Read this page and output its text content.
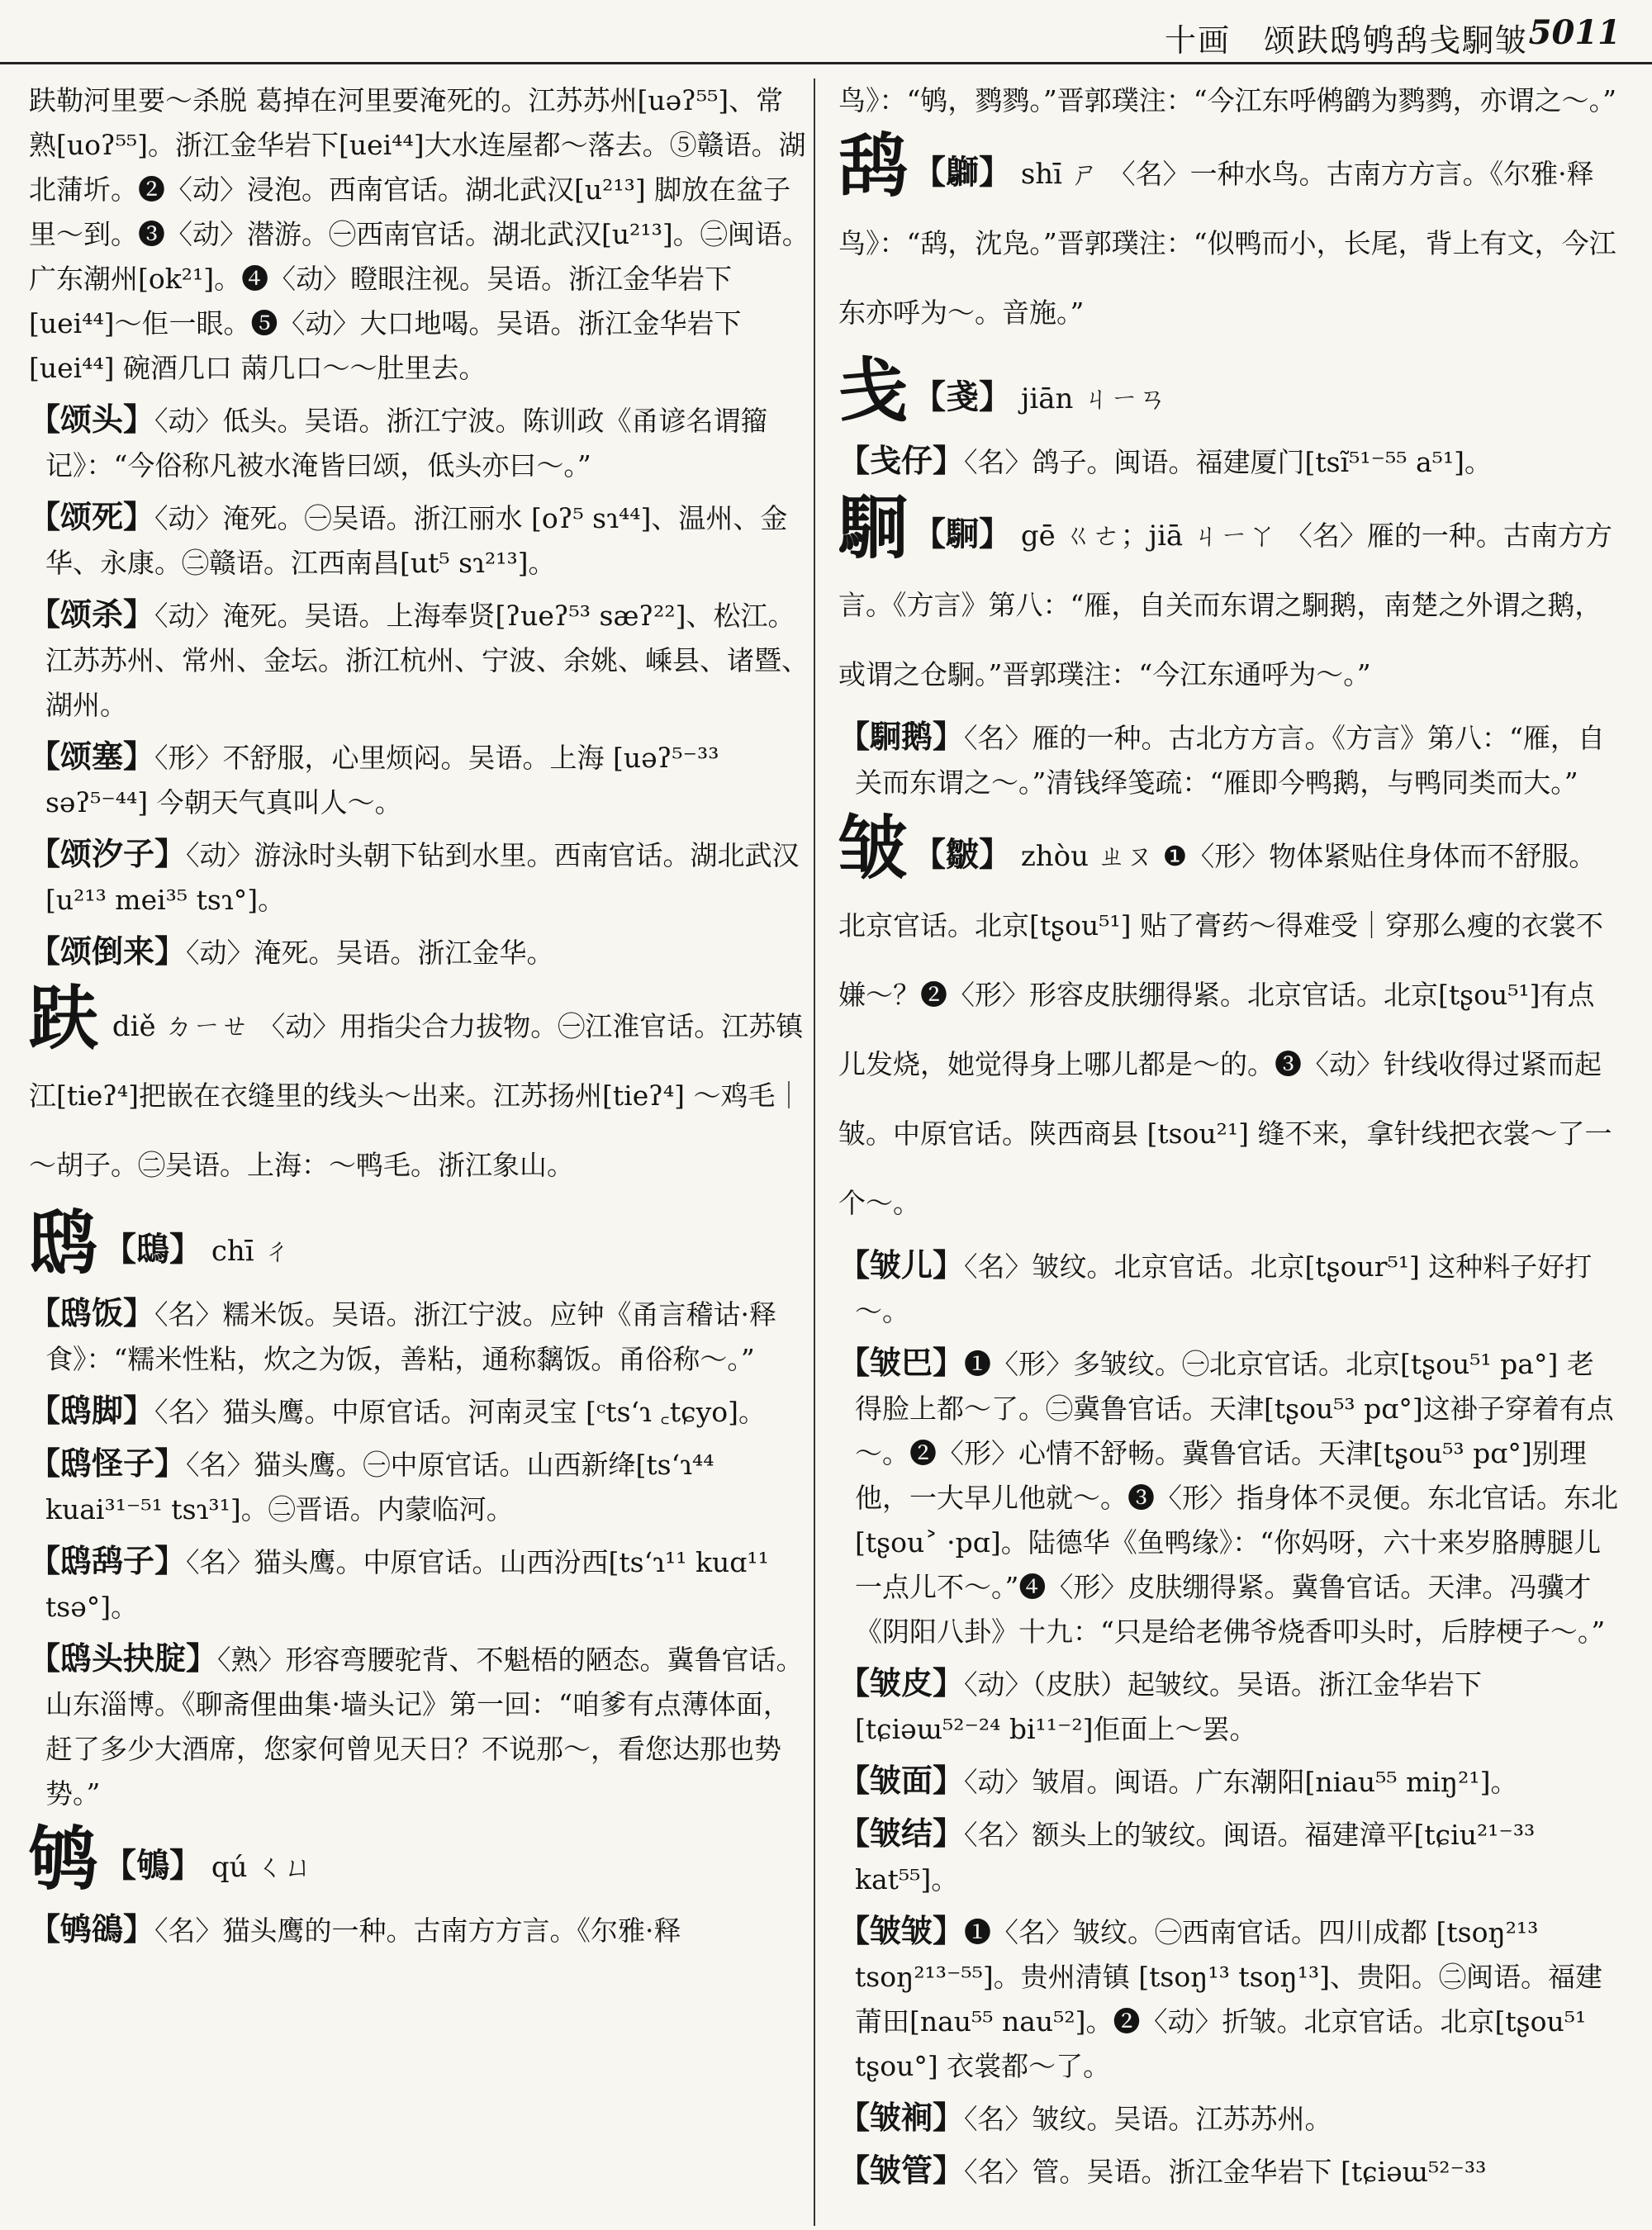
十画　颂趺鸱鸲鸹戋駉皱 5011

趺勒河里要～杀脱 葛掉在河里要淹死的。江苏苏州[uəʔ⁵⁵]、常熟[uoʔ⁵⁵]。浙江金华岩下[uei⁴⁴]大水连屋都～落去。⑤赣语。湖北蒲圻。❷〈动〉浸泡。西南官话。湖北武汉[u²¹³] 脚放在盆子里～到。❸〈动〉潜游。㊀西南官话。湖北武汉[u²¹³]。㊁闽语。广东潮州[ok²¹]。❹〈动〉瞪眼注视。吴语。浙江金华岩下 [uei⁴⁴]～佢一眼。❺〈动〉大口地喝。吴语。浙江金华岩下 [uei⁴⁴] 碗酒几口 䓣几口～～肚里去。

【颂头】〈动〉低头。吴语。浙江宁波。陈训政《甬谚名谓籀记》：“今俗称凡被水淹皆曰颂，低头亦曰～。”

【颂死】〈动〉淹死。㊀吴语。浙江丽水 [oʔ⁵ sɿ⁴⁴]、温州、金华、永康。㊁赣语。江西南昌[ut⁵ sɿ²¹³]。

【颂杀】〈动〉淹死。吴语。上海奉贤[ʔueʔ⁵³ sæʔ²²]、松江。江苏苏州、常州、金坛。浙江杭州、宁波、余姚、嵊县、诸暨、湖州。

【颂塞】〈形〉不舒服，心里烦闷。吴语。上海 [uəʔ⁵⁻³³ səʔ⁵⁻⁴⁴] 今朝天气真叫人～。

【颂汐子】〈动〉游泳时头朝下钻到水里。西南官话。湖北武汉[u²¹³ mei³⁵ tsɿ°]。

【颂倒来】〈动〉淹死。吴语。浙江金华。

趺 diě ㄉㄧㄝ 〈动〉用指尖合力拔物。㊀江淮官话。江苏镇江[tieʔ⁴]把嵌在衣缝里的线头～出来。江苏扬州[tieʔ⁴] ～鸡毛｜～胡子。㊁吴语。上海：～鸭毛。浙江象山。

鸱 【鴟】 chī ㄔ

【鸱饭】〈名〉糯米饭。吴语。浙江宁波。应钟《甬言稽诂·释食》：“糯米性粘，炊之为饭，善粘，通称黐饭。甬俗称～。”

【鸱脚】〈名〉猫头鹰。中原官话。河南灵宝 [ᶜtsʻɿ ꜀tɕyo]。

【鸱怪子】〈名〉猫头鹰。㊀中原官话。山西新绛[tsʻɿ⁴⁴ kuai³¹⁻⁵¹ tsɿ³¹]。㊁晋语。内蒙临河。

【鸱鸹子】〈名〉猫头鹰。中原官话。山西汾西[tsʻɿ¹¹ kuɑ¹¹ tsə°]。

【鸱头抉腚】〈熟〉形容弯腰驼背、不魁梧的陋态。冀鲁官话。山东淄博。《聊斋俚曲集·墙头记》第一回：“咱爹有点薄体面，赶了多少大酒席，您家何曾见天日？不说那～，看您达那也势势。”

鸲 【鴝】 qú ㄑㄩ

【鸲鵒】〈名〉猫头鹰的一种。古南方方言。《尔雅·释

鸟》：“鸲，鹨鹨。”晋郭璞注：“今江东呼鸺鹠为鹨鹨，亦谓之～。”

鸹 【鶳】 shī ㄕ 〈名〉一种水鸟。古南方方言。《尔雅·释鸟》：“鸹，沈凫。”晋郭璞注：“似鸭而小，长尾，背上有文，今江东亦呼为～。音施。”

戋 【戔】 jiān ㄐㄧㄢ

【戋仔】〈名〉鸽子。闽语。福建厦门[tsĩ⁵¹⁻⁵⁵ a⁵¹]。

駉 【駉】 gē ㄍㄜ；jiā ㄐㄧㄚ 〈名〉雁的一种。古南方方言。《方言》第八：“雁，自关而东谓之駉鹅，南楚之外谓之鹅，或谓之仓駉。”晋郭璞注：“今江东通呼为～。”

【駉鹅】〈名〉雁的一种。古北方方言。《方言》第八：“雁，自关而东谓之～。”清钱绎笺疏：“雁即今鸭鹅，与鸭同类而大。”

皱 【皺】 zhòu ㄓㄡ ❶〈形〉物体紧贴住身体而不舒服。北京官话。北京[tʂou⁵¹] 贴了膏药～得难受｜穿那么瘦的衣裳不嫌～？❷〈形〉形容皮肤绷得紧。北京官话。北京[tʂou⁵¹]有点儿发烧，她觉得身上哪儿都是～的。❸〈动〉针线收得过紧而起皱。中原官话。陕西商县 [tsou²¹] 缝不来，拿针线把衣裳～了一个～。

【皱儿】〈名〉皱纹。北京官话。北京[tʂour⁵¹] 这种料子好打～。

【皱巴】❶〈形〉多皱纹。㊀北京官话。北京[tʂou⁵¹ pa°] 老得脸上都～了。㊁冀鲁官话。天津[tʂou⁵³ pɑ°]这褂子穿着有点～。❷〈形〉心情不舒畅。冀鲁官话。天津[tʂou⁵³ pɑ°]别理他，一大早儿他就～。❸〈形〉指身体不灵便。东北官话。东北 [tʂou˃ ·pɑ]。陆德华《鱼鸭缘》：“你妈呀，六十来岁胳膊腿儿一点儿不～。”❹〈形〉皮肤绷得紧。冀鲁官话。天津。冯骥才《阴阳八卦》十九：“只是给老佛爷烧香叩头时，后脖梗子～。”

【皱皮】〈动〉（皮肤）起皱纹。吴语。浙江金华岩下 [tɕiəɯ⁵²⁻²⁴ bi¹¹⁻²]佢面上～罢。

【皱面】〈动〉皱眉。闽语。广东潮阳[niau⁵⁵ miŋ²¹]。

【皱结】〈名〉额头上的皱纹。闽语。福建漳平[tɕiu²¹⁻³³ kat⁵⁵]。

【皱皱】❶〈名〉皱纹。㊀西南官话。四川成都 [tsoŋ²¹³ tsoŋ²¹³⁻⁵⁵]。贵州清镇 [tsoŋ¹³ tsoŋ¹³]、贵阳。㊁闽语。福建莆田[nau⁵⁵ nau⁵²]。❷〈动〉折皱。北京官话。北京[tʂou⁵¹ tʂou°] 衣裳都～了。

【皱裥】〈名〉皱纹。吴语。江苏苏州。

【皱管】〈名〉管。吴语。浙江金华岩下 [tɕiəɯ⁵²⁻³³
